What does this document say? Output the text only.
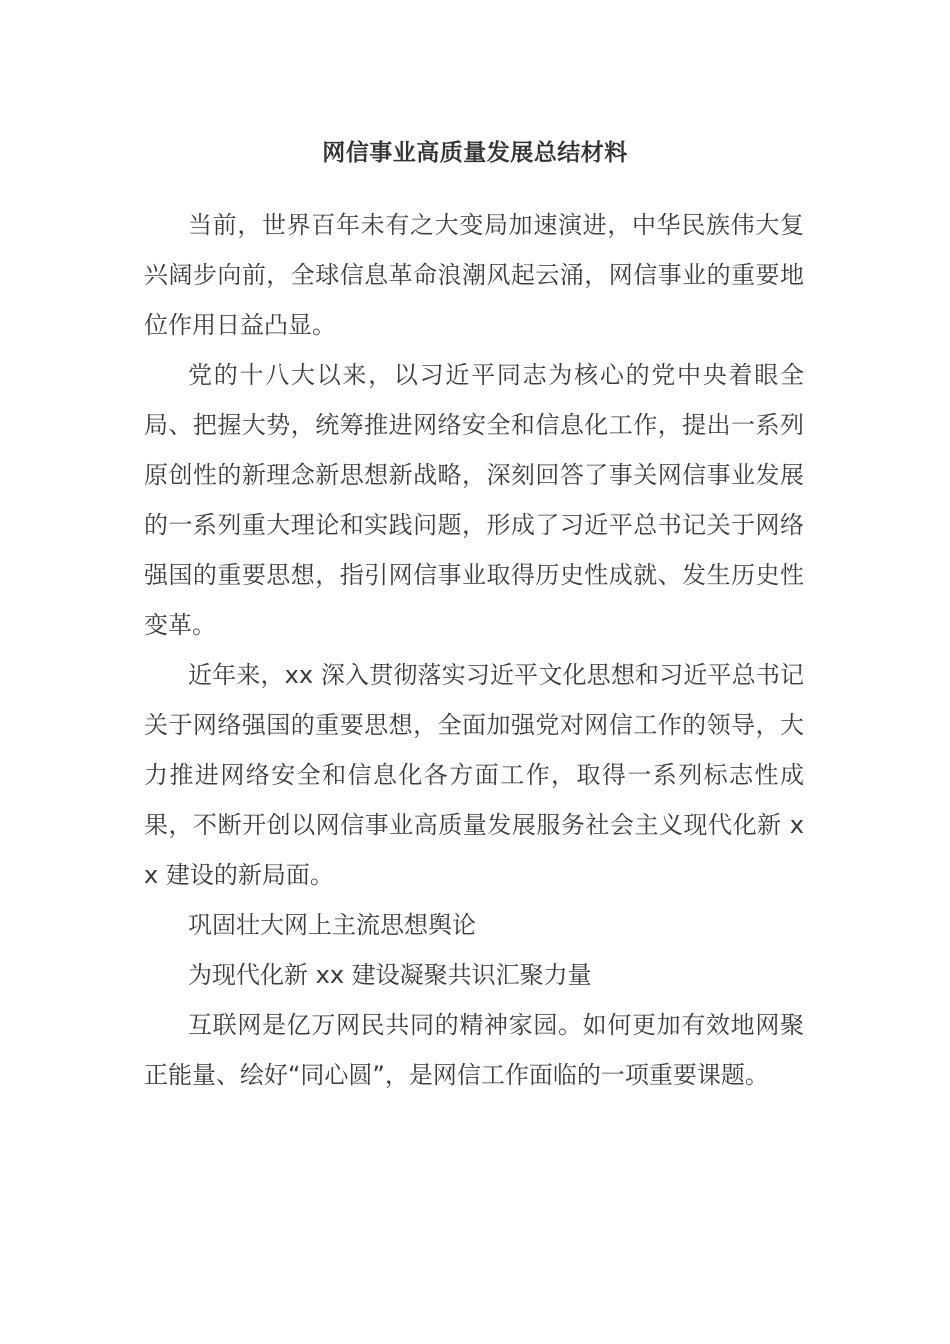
网信事业高质量发展总结材料

当前，世界百年未有之大变局加速演进，中华民族伟大复兴阔步向前，全球信息革命浪潮风起云涌，网信事业的重要地位作用日益凸显。

党的十八大以来，以习近平同志为核心的党中央着眼全局、把握大势，统筹推进网络安全和信息化工作，提出一系列原创性的新理念新思想新战略，深刻回答了事关网信事业发展的一系列重大理论和实践问题，形成了习近平总书记关于网络强国的重要思想，指引网信事业取得历史性成就、发生历史性变革。

近年来，xx 深入贯彻落实习近平文化思想和习近平总书记关于网络强国的重要思想，全面加强党对网信工作的领导，大力推进网络安全和信息化各方面工作，取得一系列标志性成果，不断开创以网信事业高质量发展服务社会主义现代化新 xx 建设的新局面。

巩固壮大网上主流思想舆论

为现代化新 xx 建设凝聚共识汇聚力量

互联网是亿万网民共同的精神家园。如何更加有效地网聚正能量、绘好“同心圆”，是网信工作面临的一项重要课题。
